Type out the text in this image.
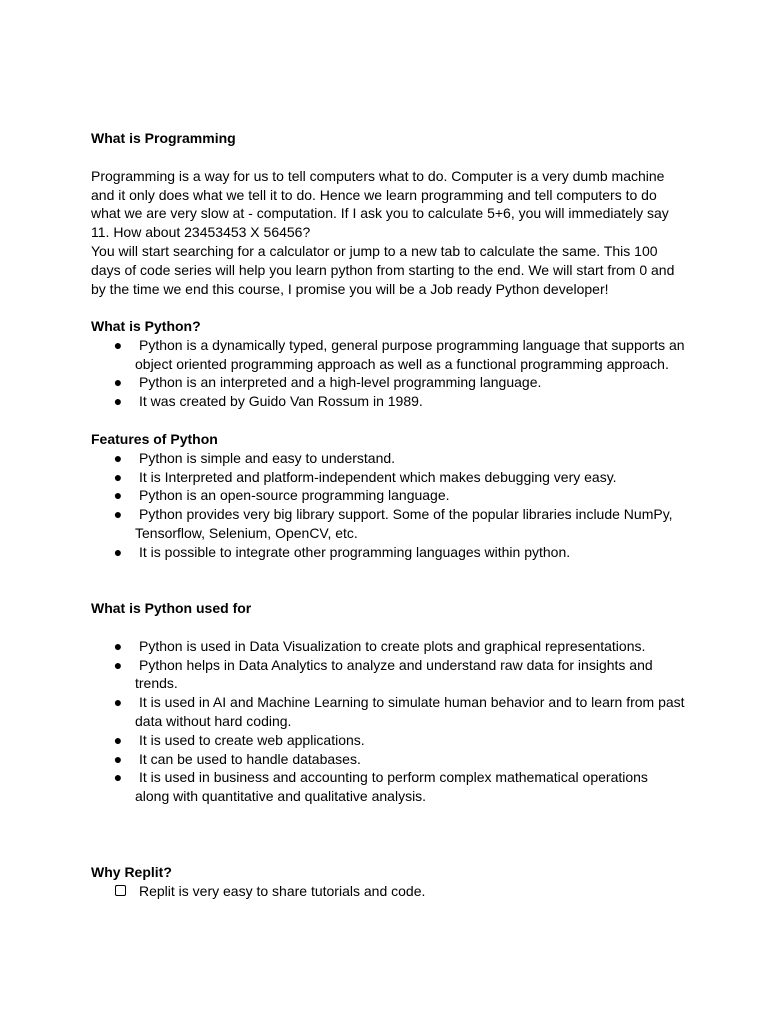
What is Programming

Programming is a way for us to tell computers what to do. Computer is a very dumb machine
and it only does what we tell it to do. Hence we learn programming and tell computers to do
what we are very slow at - computation. If I ask you to calculate 5+6, you will immediately say
11. How about 23453453 X 56456?
You will start searching for a calculator or jump to a new tab to calculate the same. This 100
days of code series will help you learn python from starting to the end. We will start from 0 and
by the time we end this course, I promise you will be a Job ready Python developer!

What is Python?

● Python is a dynamically typed, general purpose programming language that supports an
object oriented programming approach as well as a functional programming approach.
● Python is an interpreted and a high-level programming language.
● It was created by Guido Van Rossum in 1989.

Features of Python

● Python is simple and easy to understand.
● It is Interpreted and platform-independent which makes debugging very easy.
● Python is an open-source programming language.
● Python provides very big library support. Some of the popular libraries include NumPy,
Tensorflow, Selenium, OpenCV, etc.
● It is possible to integrate other programming languages within python.

What is Python used for

● Python is used in Data Visualization to create plots and graphical representations.
● Python helps in Data Analytics to analyze and understand raw data for insights and
trends.
● It is used in AI and Machine Learning to simulate human behavior and to learn from past
data without hard coding.
● It is used to create web applications.
● It can be used to handle databases.
● It is used in business and accounting to perform complex mathematical operations
along with quantitative and qualitative analysis.

Why Replit?

Replit is very easy to share tutorials and code.
